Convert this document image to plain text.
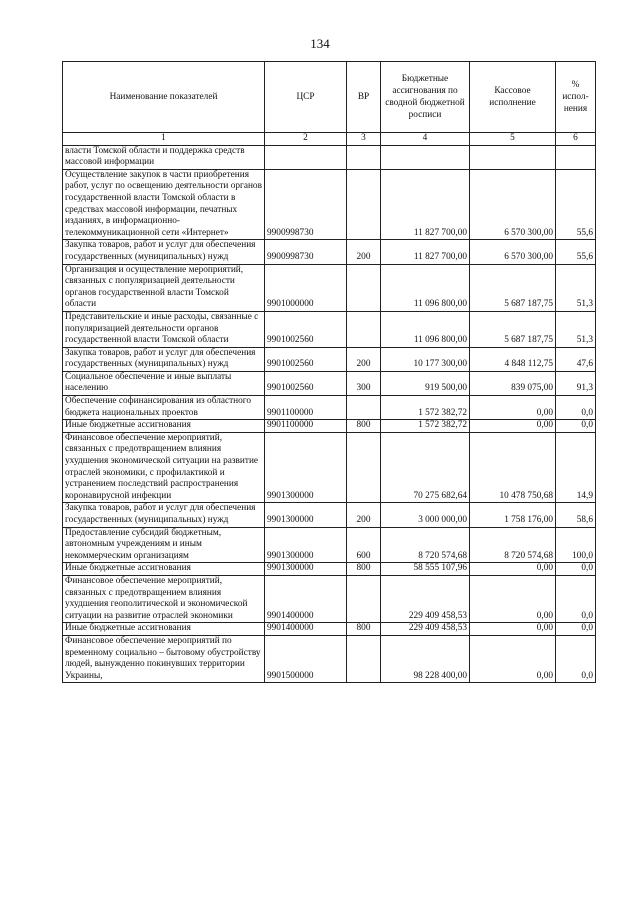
134
Наименование показателей	ЦСР	ВР	Бюджетные ассигнования по сводной бюджетной росписи	Кассовое исполнение	% испол-нения
1	2	3	4	5	6
власти Томской области и поддержка средств массовой информации					
Осуществление закупок в части приобретения работ, услуг по освещению деятельности органов государственной власти Томской области в средствах массовой информации, печатных изданиях, в информационно-телекоммуникационной сети «Интернет»	9900998730		11 827 700,00	6 570 300,00	55,6
Закупка товаров, работ и услуг для обеспечения государственных (муниципальных) нужд	9900998730	200	11 827 700,00	6 570 300,00	55,6
Организация и осуществление мероприятий, связанных с популяризацией деятельности органов государственной власти Томской области	9901000000		11 096 800,00	5 687 187,75	51,3
Представительские и иные расходы, связанные с популяризацией деятельности органов государственной власти Томской области	9901002560		11 096 800,00	5 687 187,75	51,3
Закупка товаров, работ и услуг для обеспечения государственных (муниципальных) нужд	9901002560	200	10 177 300,00	4 848 112,75	47,6
Социальное обеспечение и иные выплаты населению	9901002560	300	919 500,00	839 075,00	91,3
Обеспечение софинансирования из областного бюджета национальных проектов	9901100000		1 572 382,72	0,00	0,0
Иные бюджетные ассигнования	9901100000	800	1 572 382,72	0,00	0,0
Финансовое обеспечение мероприятий, связанных с предотвращением влияния ухудшения экономической ситуации на развитие отраслей экономики, с профилактикой и устранением последствий распространения коронавирусной инфекции	9901300000		70 275 682,64	10 478 750,68	14,9
Закупка товаров, работ и услуг для обеспечения государственных (муниципальных) нужд	9901300000	200	3 000 000,00	1 758 176,00	58,6
Предоставление субсидий бюджетным, автономным учреждениям и иным некоммерческим организациям	9901300000	600	8 720 574,68	8 720 574,68	100,0
Иные бюджетные ассигнования	9901300000	800	58 555 107,96	0,00	0,0
Финансовое обеспечение мероприятий, связанных с предотвращением влияния ухудшения геополитической и экономической ситуации на развитие отраслей экономики	9901400000		229 409 458,53	0,00	0,0
Иные бюджетные ассигнования	9901400000	800	229 409 458,53	0,00	0,0
Финансовое обеспечение мероприятий по временному социально – бытовому обустройству людей, вынужденно покинувших территории Украины,	9901500000		98 228 400,00	0,00	0,0
